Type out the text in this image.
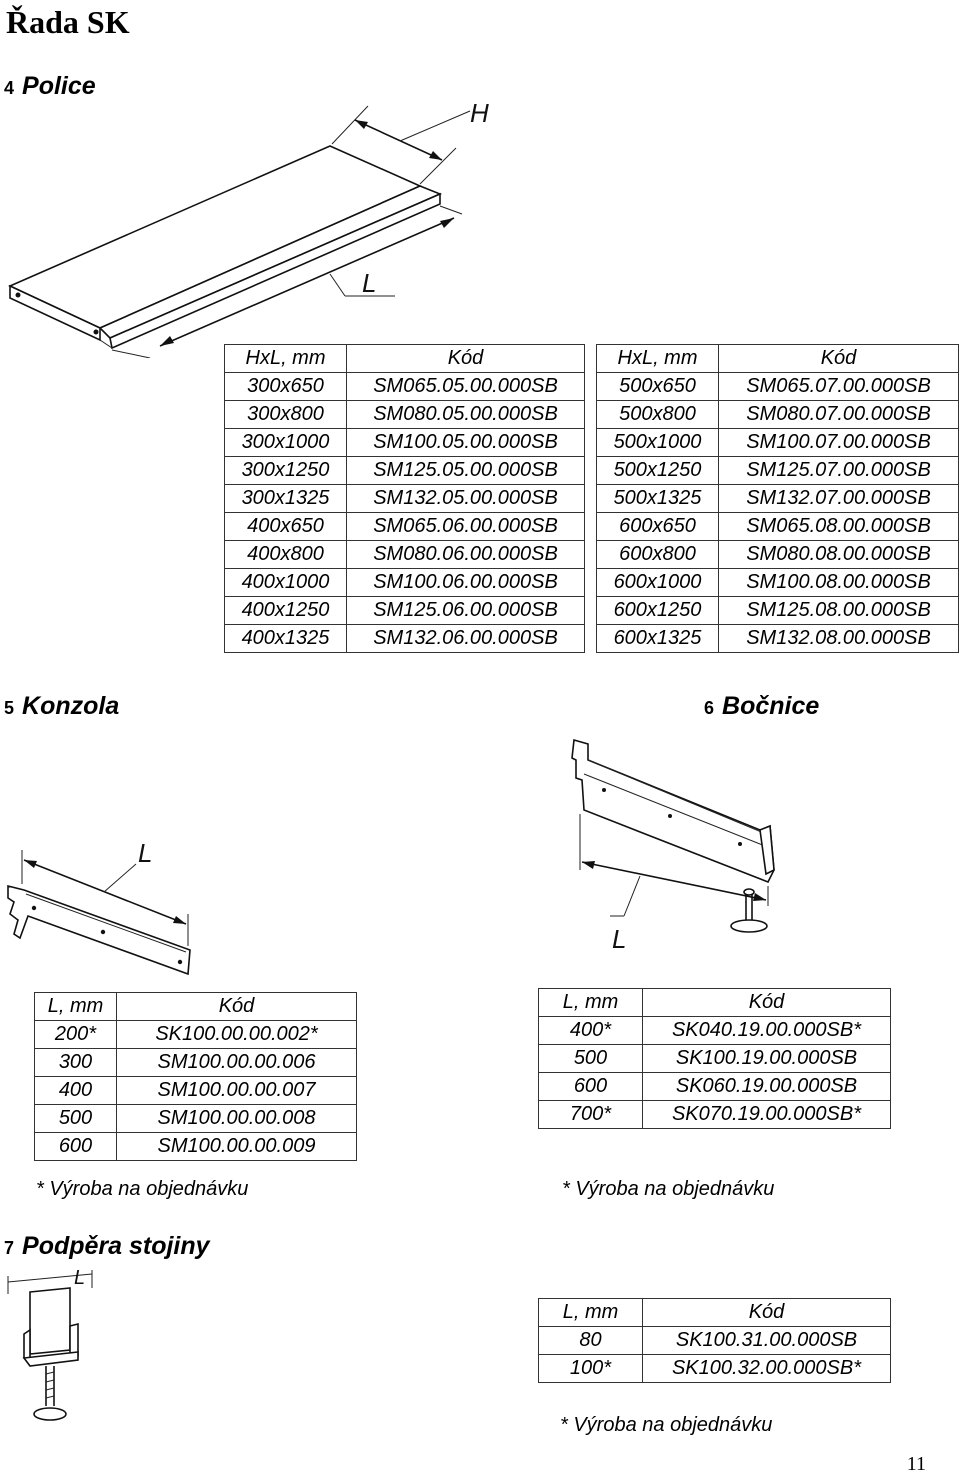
Řada SK
4 Police
H
L
HxL, mm	Kód
300x650	SM065.05.00.000SB
300x800	SM080.05.00.000SB
300x1000	SM100.05.00.000SB
300x1250	SM125.05.00.000SB
300x1325	SM132.05.00.000SB
400x650	SM065.06.00.000SB
400x800	SM080.06.00.000SB
400x1000	SM100.06.00.000SB
400x1250	SM125.06.00.000SB
400x1325	SM132.06.00.000SB
HxL, mm	Kód
500x650	SM065.07.00.000SB
500x800	SM080.07.00.000SB
500x1000	SM100.07.00.000SB
500x1250	SM125.07.00.000SB
500x1325	SM132.07.00.000SB
600x650	SM065.08.00.000SB
600x800	SM080.08.00.000SB
600x1000	SM100.08.00.000SB
600x1250	SM125.08.00.000SB
600x1325	SM132.08.00.000SB
5 Konzola	6 Bočnice
L
L
L, mm	Kód
200*	SK100.00.00.002*
300	SM100.00.00.006
400	SM100.00.00.007
500	SM100.00.00.008
600	SM100.00.00.009

* Výroba na objednávku

L, mm	Kód
400*	SK040.19.00.000SB*
500	SK100.19.00.000SB
600	SK060.19.00.000SB
700*	SK070.19.00.000SB*

* Výroba na objednávku

7 Podpěra stojiny
L
L, mm	Kód
80	SK100.31.00.000SB
100*	SK100.32.00.000SB*

* Výroba na objednávku

11
